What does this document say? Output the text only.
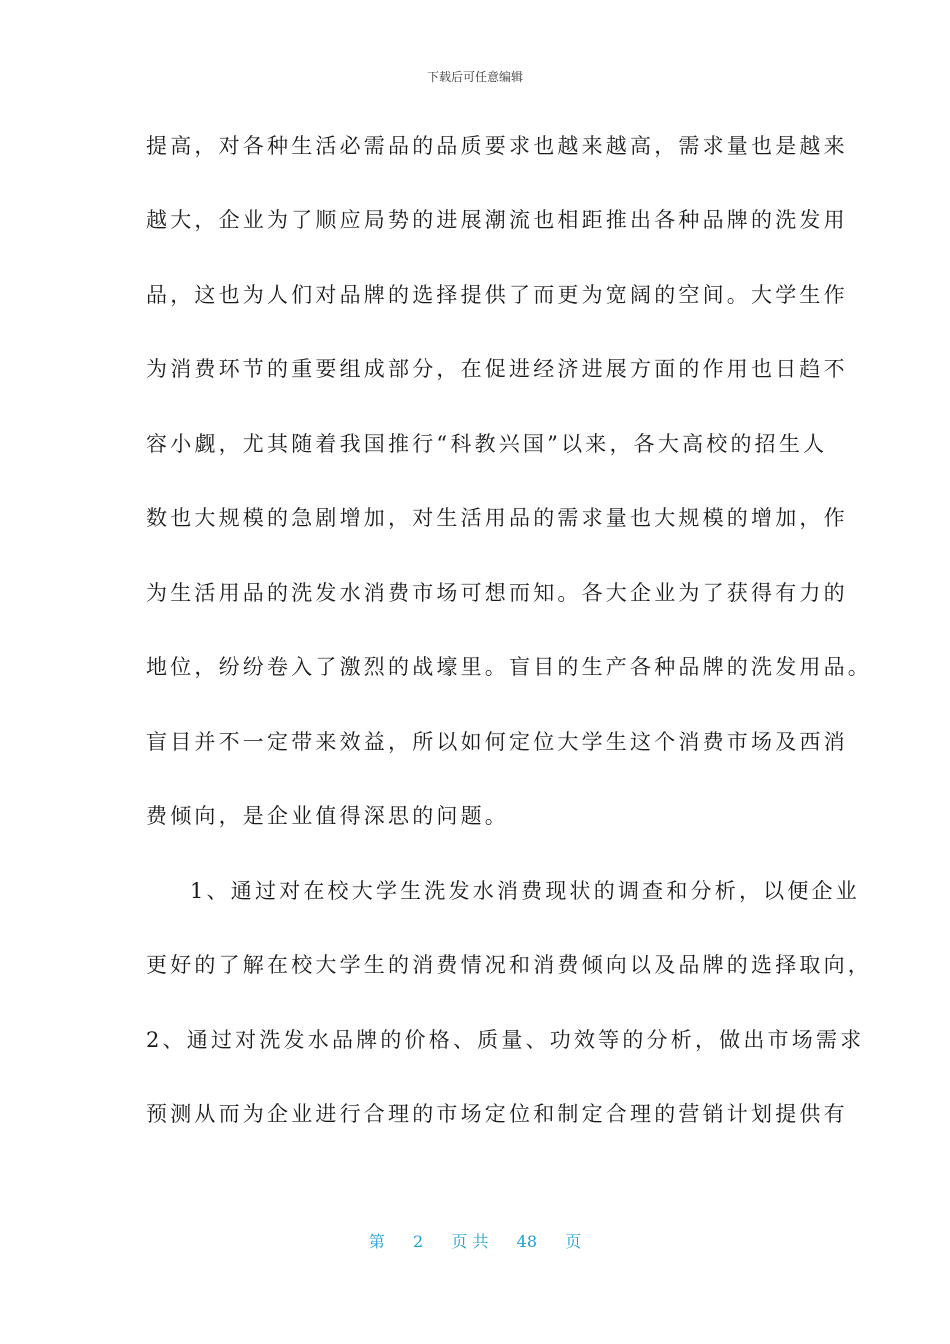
下载后可任意编辑
提高，对各种生活必需品的品质要求也越来越高，需求量也是越来
越大，企业为了顺应局势的进展潮流也相距推出各种品牌的洗发用
品，这也为人们对品牌的选择提供了而更为宽阔的空间。大学生作
为消费环节的重要组成部分，在促进经济进展方面的作用也日趋不
容小觑，尤其随着我国推行“科教兴国”以来，各大高校的招生人
数也大规模的急剧增加，对生活用品的需求量也大规模的增加，作
为生活用品的洗发水消费市场可想而知。各大企业为了获得有力的
地位，纷纷卷入了激烈的战壕里。盲目的生产各种品牌的洗发用品。
盲目并不一定带来效益，所以如何定位大学生这个消费市场及西消
费倾向，是企业值得深思的问题。
1、通过对在校大学生洗发水消费现状的调查和分析，以便企业
更好的了解在校大学生的消费情况和消费倾向以及品牌的选择取向，
2、通过对洗发水品牌的价格、质量、功效等的分析，做出市场需求
预测从而为企业进行合理的市场定位和制定合理的营销计划提供有
第 2 页 共 48 页
